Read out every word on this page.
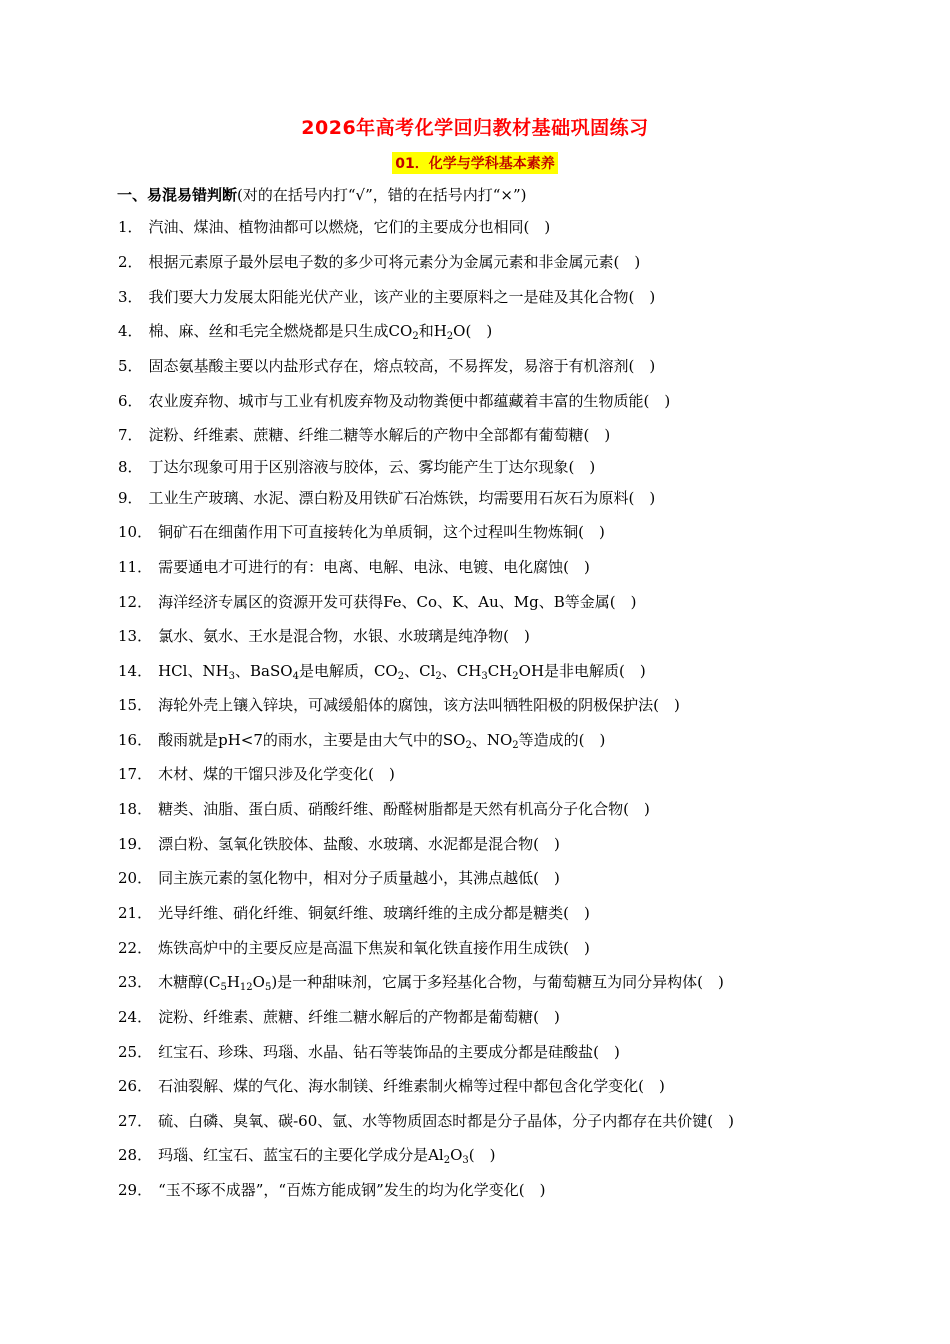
2026年高考化学回归教材基础巩固练习
01．化学与学科基本素养
一、易混易错判断(对的在括号内打“√”，错的在括号内打“×”)
1． 汽油、煤油、植物油都可以燃烧，它们的主要成分也相同(　)
2． 根据元素原子最外层电子数的多少可将元素分为金属元素和非金属元素(　)
3． 我们要大力发展太阳能光伏产业，该产业的主要原料之一是硅及其化合物(　)
4． 棉、麻、丝和毛完全燃烧都是只生成$CO_2$和$H_2O$(　)
5． 固态氨基酸主要以内盐形式存在，熔点较高，不易挥发，易溶于有机溶剂(　)
6． 农业废弃物、城市与工业有机废弃物及动物粪便中都蕴藏着丰富的生物质能(　)
7． 淀粉、纤维素、蔗糖、纤维二糖等水解后的产物中全部都有葡萄糖(　)
8． 丁达尔现象可用于区别溶液与胶体，云、雾均能产生丁达尔现象(　)
9． 工业生产玻璃、水泥、漂白粉及用铁矿石冶炼铁，均需要用石灰石为原料(　)
10． 铜矿石在细菌作用下可直接转化为单质铜，这个过程叫生物炼铜(　)
11． 需要通电才可进行的有：电离、电解、电泳、电镀、电化腐蚀(　)
12． 海洋经济专属区的资源开发可获得Fe、Co、K、Au、Mg、B等金属(　)
13． 氯水、氨水、王水是混合物，水银、水玻璃是纯净物(　)
14． HCl、$NH_3$、BaSO$_4$是电解质，$CO_2$、$Cl_2$、$CH_3CH_2OH$是非电解质(　)
15． 海轮外壳上镶入锌块，可减缓船体的腐蚀，该方法叫牺牲阳极的阴极保护法(　)
16． 酸雨就是pH<7的雨水，主要是由大气中的$SO_2$、$NO_2$等造成的(　)
17． 木材、煤的干馏只涉及化学变化(　)
18． 糖类、油脂、蛋白质、硝酸纤维、酚醛树脂都是天然有机高分子化合物(　)
19． 漂白粉、氢氧化铁胶体、盐酸、水玻璃、水泥都是混合物(　)
20． 同主族元素的氢化物中，相对分子质量越小，其沸点越低(　)
21． 光导纤维、硝化纤维、铜氨纤维、玻璃纤维的主成分都是糖类(　)
22． 炼铁高炉中的主要反应是高温下焦炭和氧化铁直接作用生成铁(　)
23． 木糖醇$(C_5H_{12}O_5)$是一种甜味剂，它属于多羟基化合物，与葡萄糖互为同分异构体(　)
24． 淀粉、纤维素、蔗糖、纤维二糖水解后的产物都是葡萄糖(　)
25． 红宝石、珍珠、玛瑙、水晶、钻石等装饰品的主要成分都是硅酸盐(　)
26． 石油裂解、煤的气化、海水制镁、纤维素制火棉等过程中都包含化学变化(　)
27． 硫、白磷、臭氧、碳-60、氩、水等物质固态时都是分子晶体，分子内都存在共价键(　)
28． 玛瑙、红宝石、蓝宝石的主要化学成分是$Al_2O_3$(　)
29． “玉不琢不成器”，“百炼方能成钢”发生的均为化学变化(　)
